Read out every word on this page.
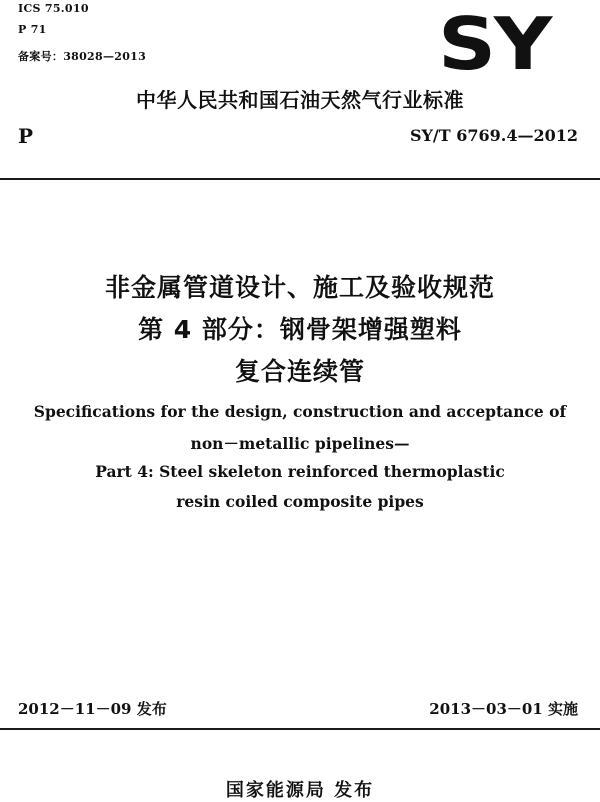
ICS 75.010
P 71
备案号：38028—2013	SY
中华人民共和国石油天然气行业标准
P	SY/T 6769.4—2012
非金属管道设计、施工及验收规范
第 4 部分：钢骨架增强塑料
复合连续管
Specifications for the design, construction and acceptance of
non－metallic pipelines—
Part 4: Steel skeleton reinforced thermoplastic
resin coiled composite pipes
2012－11－09 发布	2013－03－01 实施
国家能源局 发布
